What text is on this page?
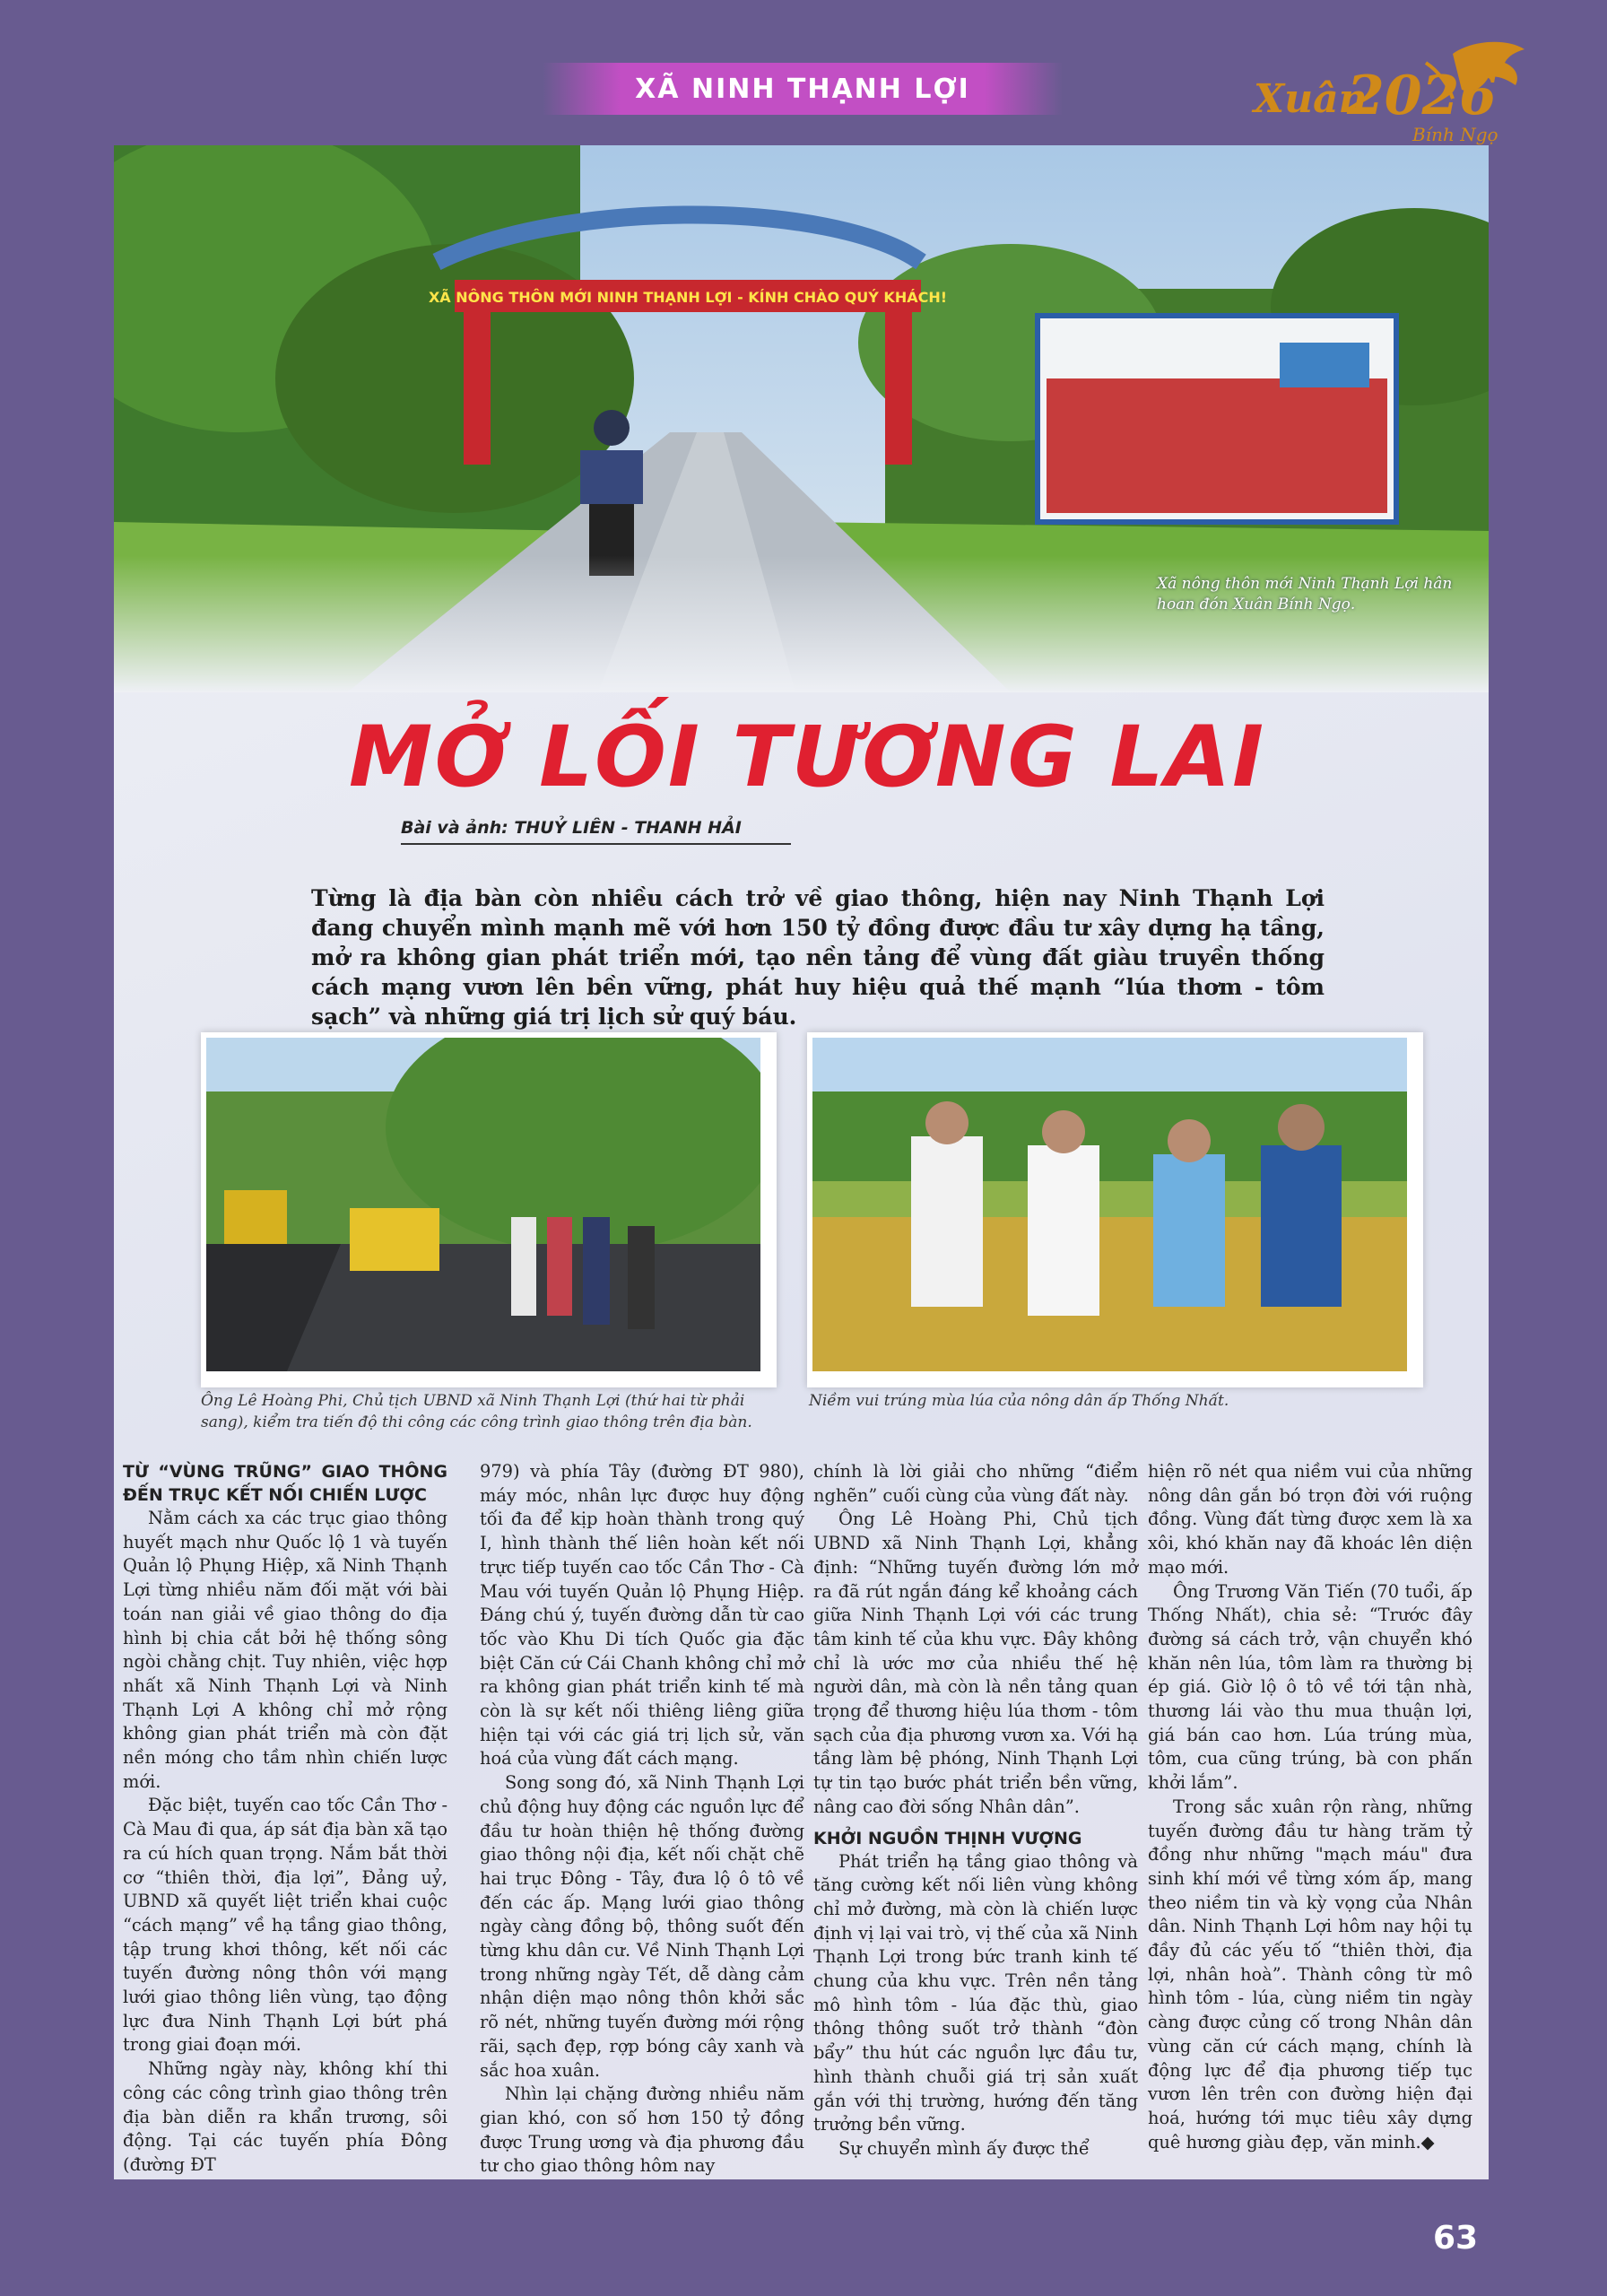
XÃ NINH THẠNH LỢI	Xuân
2026
Bính Ngọ
Xã nông thôn mới Ninh Thạnh Lợi hân hoan đón Xuân Bính Ngọ.
MỞ LỐI TƯƠNG LAI
Bài và ảnh: THUỶ LIÊN - THANH HẢI
Từng là địa bàn còn nhiều cách trở về giao thông, hiện nay Ninh Thạnh Lợi đang chuyển mình mạnh mẽ với hơn 150 tỷ đồng được đầu tư xây dựng hạ tầng, mở ra không gian phát triển mới, tạo nền tảng để vùng đất giàu truyền thống cách mạng vươn lên bền vững, phát huy hiệu quả thế mạnh “lúa thơm - tôm sạch” và những giá trị lịch sử quý báu.
Ông Lê Hoàng Phi, Chủ tịch UBND xã Ninh Thạnh Lợi (thứ hai từ phải sang), kiểm tra tiến độ thi công các công trình giao thông trên địa bàn.
Niềm vui trúng mùa lúa của nông dân ấp Thống Nhất.
TỪ “VÙNG TRŨNG” GIAO THÔNG ĐẾN TRỤC KẾT NỐI CHIẾN LƯỢC

Nằm cách xa các trục giao thông huyết mạch như Quốc lộ 1 và tuyến Quản lộ Phụng Hiệp, xã Ninh Thạnh Lợi từng nhiều năm đối mặt với bài toán nan giải về giao thông do địa hình bị chia cắt bởi hệ thống sông ngòi chằng chịt. Tuy nhiên, việc hợp nhất xã Ninh Thạnh Lợi và Ninh Thạnh Lợi A không chỉ mở rộng không gian phát triển mà còn đặt nền móng cho tầm nhìn chiến lược mới.

Đặc biệt, tuyến cao tốc Cần Thơ - Cà Mau đi qua, áp sát địa bàn xã tạo ra cú hích quan trọng. Nắm bắt thời cơ “thiên thời, địa lợi”, Đảng uỷ, UBND xã quyết liệt triển khai cuộc “cách mạng” về hạ tầng giao thông, tập trung khơi thông, kết nối các tuyến đường nông thôn với mạng lưới giao thông liên vùng, tạo động lực đưa Ninh Thạnh Lợi bứt phá trong giai đoạn mới.

Những ngày này, không khí thi công các công trình giao thông trên địa bàn diễn ra khẩn trương, sôi động. Tại các tuyến phía Đông (đường ĐT

979) và phía Tây (đường ĐT 980), máy móc, nhân lực được huy động tối đa để kịp hoàn thành trong quý I, hình thành thế liên hoàn kết nối trực tiếp tuyến cao tốc Cần Thơ - Cà Mau với tuyến Quản lộ Phụng Hiệp. Đáng chú ý, tuyến đường dẫn từ cao tốc vào Khu Di tích Quốc gia đặc biệt Căn cứ Cái Chanh không chỉ mở ra không gian phát triển kinh tế mà còn là sự kết nối thiêng liêng giữa hiện tại với các giá trị lịch sử, văn hoá của vùng đất cách mạng.

Song song đó, xã Ninh Thạnh Lợi chủ động huy động các nguồn lực để đầu tư hoàn thiện hệ thống đường giao thông nội địa, kết nối chặt chẽ hai trục Đông - Tây, đưa lộ ô tô về đến các ấp. Mạng lưới giao thông ngày càng đồng bộ, thông suốt đến từng khu dân cư. Về Ninh Thạnh Lợi trong những ngày Tết, dễ dàng cảm nhận diện mạo nông thôn khởi sắc rõ nét, những tuyến đường mới rộng rãi, sạch đẹp, rợp bóng cây xanh và sắc hoa xuân.

Nhìn lại chặng đường nhiều năm gian khó, con số hơn 150 tỷ đồng được Trung ương và địa phương đầu tư cho giao thông hôm nay

chính là lời giải cho những “điểm nghẽn” cuối cùng của vùng đất này.

Ông Lê Hoàng Phi, Chủ tịch UBND xã Ninh Thạnh Lợi, khẳng định: “Những tuyến đường lớn mở ra đã rút ngắn đáng kể khoảng cách giữa Ninh Thạnh Lợi với các trung tâm kinh tế của khu vực. Đây không chỉ là ước mơ của nhiều thế hệ người dân, mà còn là nền tảng quan trọng để thương hiệu lúa thơm - tôm sạch của địa phương vươn xa. Với hạ tầng làm bệ phóng, Ninh Thạnh Lợi tự tin tạo bước phát triển bền vững, nâng cao đời sống Nhân dân”.

KHỞI NGUỒN THỊNH VƯỢNG

Phát triển hạ tầng giao thông và tăng cường kết nối liên vùng không chỉ mở đường, mà còn là chiến lược định vị lại vai trò, vị thế của xã Ninh Thạnh Lợi trong bức tranh kinh tế chung của khu vực. Trên nền tảng mô hình tôm - lúa đặc thù, giao thông thông suốt trở thành “đòn bẩy” thu hút các nguồn lực đầu tư, hình thành chuỗi giá trị sản xuất gắn với thị trường, hướng đến tăng trưởng bền vững.

Sự chuyển mình ấy được thể

hiện rõ nét qua niềm vui của những nông dân gắn bó trọn đời với ruộng đồng. Vùng đất từng được xem là xa xôi, khó khăn nay đã khoác lên diện mạo mới.

Ông Trương Văn Tiến (70 tuổi, ấp Thống Nhất), chia sẻ: “Trước đây đường sá cách trở, vận chuyển khó khăn nên lúa, tôm làm ra thường bị ép giá. Giờ lộ ô tô về tới tận nhà, thương lái vào thu mua thuận lợi, giá bán cao hơn. Lúa trúng mùa, tôm, cua cũng trúng, bà con phấn khởi lắm”.

Trong sắc xuân rộn ràng, những tuyến đường đầu tư hàng trăm tỷ đồng như những "mạch máu" đưa sinh khí mới về từng xóm ấp, mang theo niềm tin và kỳ vọng của Nhân dân. Ninh Thạnh Lợi hôm nay hội tụ đầy đủ các yếu tố “thiên thời, địa lợi, nhân hoà”. Thành công từ mô hình tôm - lúa, cùng niềm tin ngày càng được củng cố trong Nhân dân vùng căn cứ cách mạng, chính là động lực để địa phương tiếp tục vươn lên trên con đường hiện đại hoá, hướng tới mục tiêu xây dựng quê hương giàu đẹp, văn minh.◆

63
